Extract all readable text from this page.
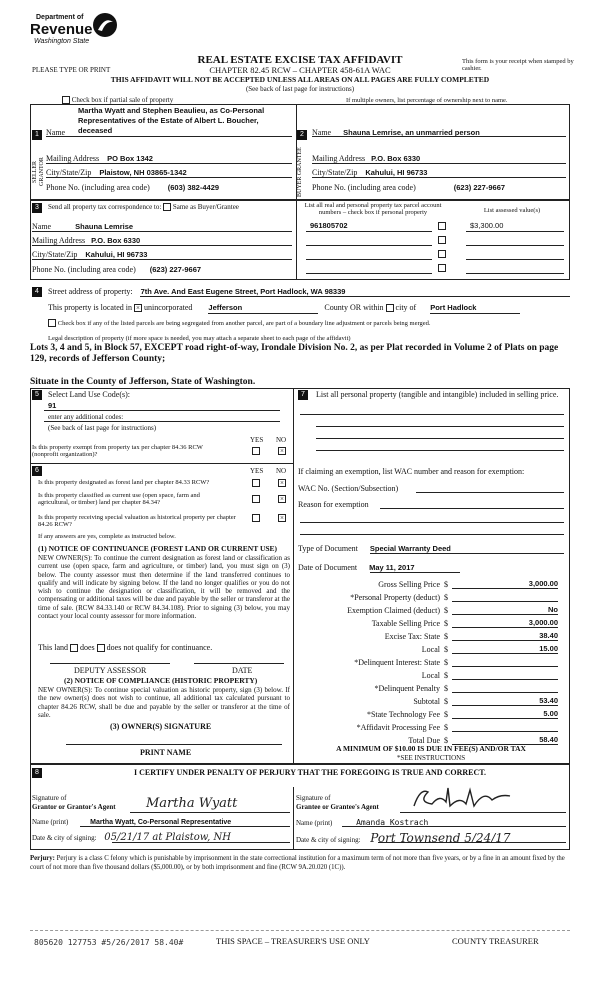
Department of
Revenue
Washington State
PLEASE TYPE OR PRINT
REAL ESTATE EXCISE TAX AFFIDAVIT
CHAPTER 82.45 RCW – CHAPTER 458-61A WAC
THIS AFFIDAVIT WILL NOT BE ACCEPTED UNLESS ALL AREAS ON ALL PAGES ARE FULLY COMPLETED
(See back of last page for instructions)
This form is your receipt when stamped by cashier.
Check box if partial sale of property	If multiple owners, list percentage of ownership next to name.
1
SELLER GRANTOR
Martha Wyatt and Stephen Beaulieu, as Co-Personal
Representatives of the Estate of Albert L. Boucher,
deceased
Name
Mailing Address PO Box 1342
City/State/Zip Plaistow, NH 03865-1342
Phone No. (including area code) (603) 382-4429
2
BUYER GRANTEE
Name Shauna Lemrise, an unmarried person
Mailing Address P.O. Box 6330
City/State/Zip Kahului, HI 96733
Phone No. (including area code)	(623) 227-9667
3	Send all property tax correspondence to: Same as Buyer/Grantee
Name	Shauna Lemrise
Mailing Address P.O. Box 6330
City/State/Zip Kahului, HI 96733
Phone No. (including area code) (623) 227-9667
List all real and personal property tax parcel account numbers – check box if personal property	List assessed value(s)
961805702	$3,300.00
4	Street address of property: 7th Ave. And East Eugene Street, Port Hadlock, WA 98339
This property is located in × unincorporated Jefferson	County OR within city of Port Hadlock
Check box if any of the listed parcels are being segregated from another parcel, are part of a boundary line adjustment or parcels being merged.
Legal description of property (if more space is needed, you may attach a separate sheet to each page of the affidavit)
Lots 3, 4 and 5, in Block 57, EXCEPT road right-of-way, Irondale Division No. 2, as per Plat recorded in Volume 2 of Plats on page 129, records of Jefferson County;
Situate in the County of Jefferson, State of Washington.
5	Select Land Use Code(s):
91
enter any additional codes:
(See back of last page for instructions)
YES NO
Is this property exempt from property tax per chapter 84.36 RCW (nonprofit organization)?	×
6	YES NO
Is this property designated as forest land per chapter 84.33 RCW?	×
Is this property classified as current use (open space, farm and agricultural, or timber) land per chapter 84.34?	×
Is this property receiving special valuation as historical property per chapter 84.26 RCW?
×
If any answers are yes, complete as instructed below.
(1) NOTICE OF CONTINUANCE (FOREST LAND OR CURRENT USE)
NEW OWNER(S): To continue the current designation as forest land or classification as current use (open space, farm and agriculture, or timber) land, you must sign on (3) below. The county assessor must then determine if the land transferred continues to qualify and will indicate by signing below. If the land no longer qualifies or you do not wish to continue the designation or classification, it will be removed and the compensating or additional taxes will be due and payable by the seller or transferor at the time of sale. (RCW 84.33.140 or RCW 84.34.108). Prior to signing (3) below, you may contact your local county assessor for more information.
This land does does not qualify for continuance.
DEPUTY ASSESSOR	DATE
(2) NOTICE OF COMPLIANCE (HISTORIC PROPERTY)
NEW OWNER(S): To continue special valuation as historic property, sign (3) below. If the new owner(s) does not wish to continue, all additional tax calculated pursuant to chapter 84.26 RCW, shall be due and payable by the seller or transferor at the time of sale.
(3) OWNER(S) SIGNATURE
PRINT NAME
7	List all personal property (tangible and intangible) included in selling price.
If claiming an exemption, list WAC number and reason for exemption:
WAC No. (Section/Subsection)
Reason for exemption
Type of Document Special Warranty Deed
Date of Document May 11, 2017
Gross Selling Price $	3,000.00
*Personal Property (deduct) $
Exemption Claimed (deduct) $	No
Taxable Selling Price $	3,000.00
Excise Tax: State $	38.40
Local $	15.00
*Delinquent Interest: State $
Local $
*Delinquent Penalty $
Subtotal $	53.40
*State Technology Fee $	5.00
*Affidavit Processing Fee $
Total Due $	58.40
A MINIMUM OF $10.00 IS DUE IN FEE(S) AND/OR TAX
*SEE INSTRUCTIONS
8	I CERTIFY UNDER PENALTY OF PERJURY THAT THE FOREGOING IS TRUE AND CORRECT.
Signature of
Grantor or Grantor's Agent Martha Wyatt
Name (print)	Martha Wyatt, Co-Personal Representative
Date & city of signing: 05/21/17 at Plaistow, NH
Signature of
Grantee or Grantee's Agent
Name (print)	Amanda Kostrach
Date & city of signing: Port Townsend 5/24/17
Perjury: Perjury is a class C felony which is punishable by imprisonment in the state correctional institution for a maximum term of not more than five years, or by a fine in an amount fixed by the court of not more than five thousand dollars ($5,000.00), or by both imprisonment and fine (RCW 9A.20.020 (1C)).
805620 127753 #5/26/2017 58.40#	THIS SPACE – TREASURER'S USE ONLY	COUNTY TREASURER
